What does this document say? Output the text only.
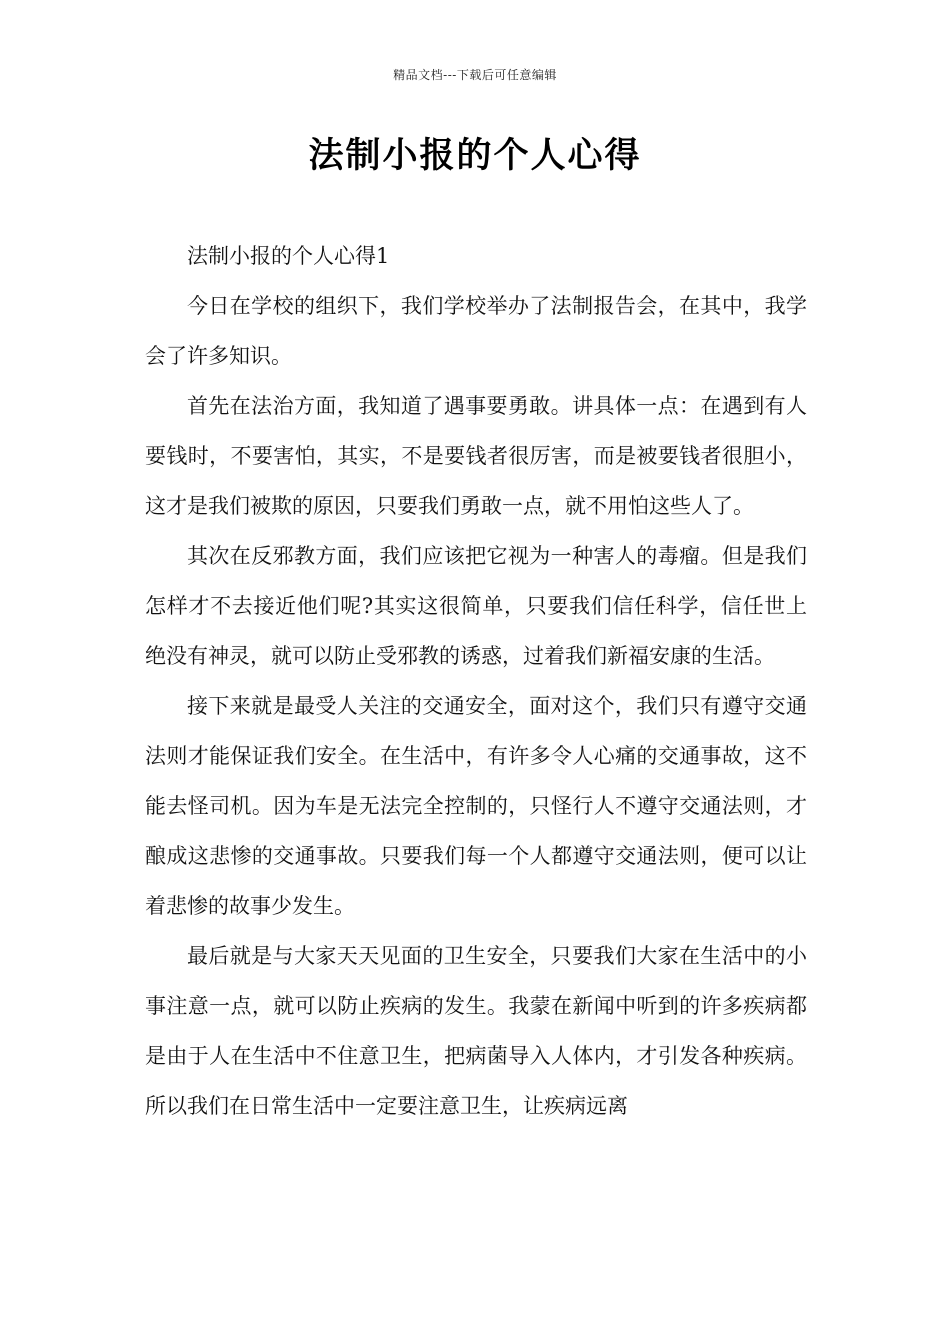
精品文档---下载后可任意编辑
法制小报的个人心得

法制小报的个人心得1

今日在学校的组织下，我们学校举办了法制报告会，在其中，我学会了许多知识。

首先在法治方面，我知道了遇事要勇敢。讲具体一点：在遇到有人要钱时，不要害怕，其实，不是要钱者很厉害，而是被要钱者很胆小，这才是我们被欺的原因，只要我们勇敢一点，就不用怕这些人了。

其次在反邪教方面，我们应该把它视为一种害人的毒瘤。但是我们怎样才不去接近他们呢?其实这很简单，只要我们信任科学，信任世上绝没有神灵，就可以防止受邪教的诱惑，过着我们新福安康的生活。

接下来就是最受人关注的交通安全，面对这个，我们只有遵守交通法则才能保证我们安全。在生活中，有许多令人心痛的交通事故，这不能去怪司机。因为车是无法完全控制的，只怪行人不遵守交通法则，才酿成这悲惨的交通事故。只要我们每一个人都遵守交通法则，便可以让着悲惨的故事少发生。

最后就是与大家天天见面的卫生安全，只要我们大家在生活中的小事注意一点，就可以防止疾病的发生。我蒙在新闻中听到的许多疾病都是由于人在生活中不住意卫生，把病菌导入人体内，才引发各种疾病。所以我们在日常生活中一定要注意卫生，让疾病远离
